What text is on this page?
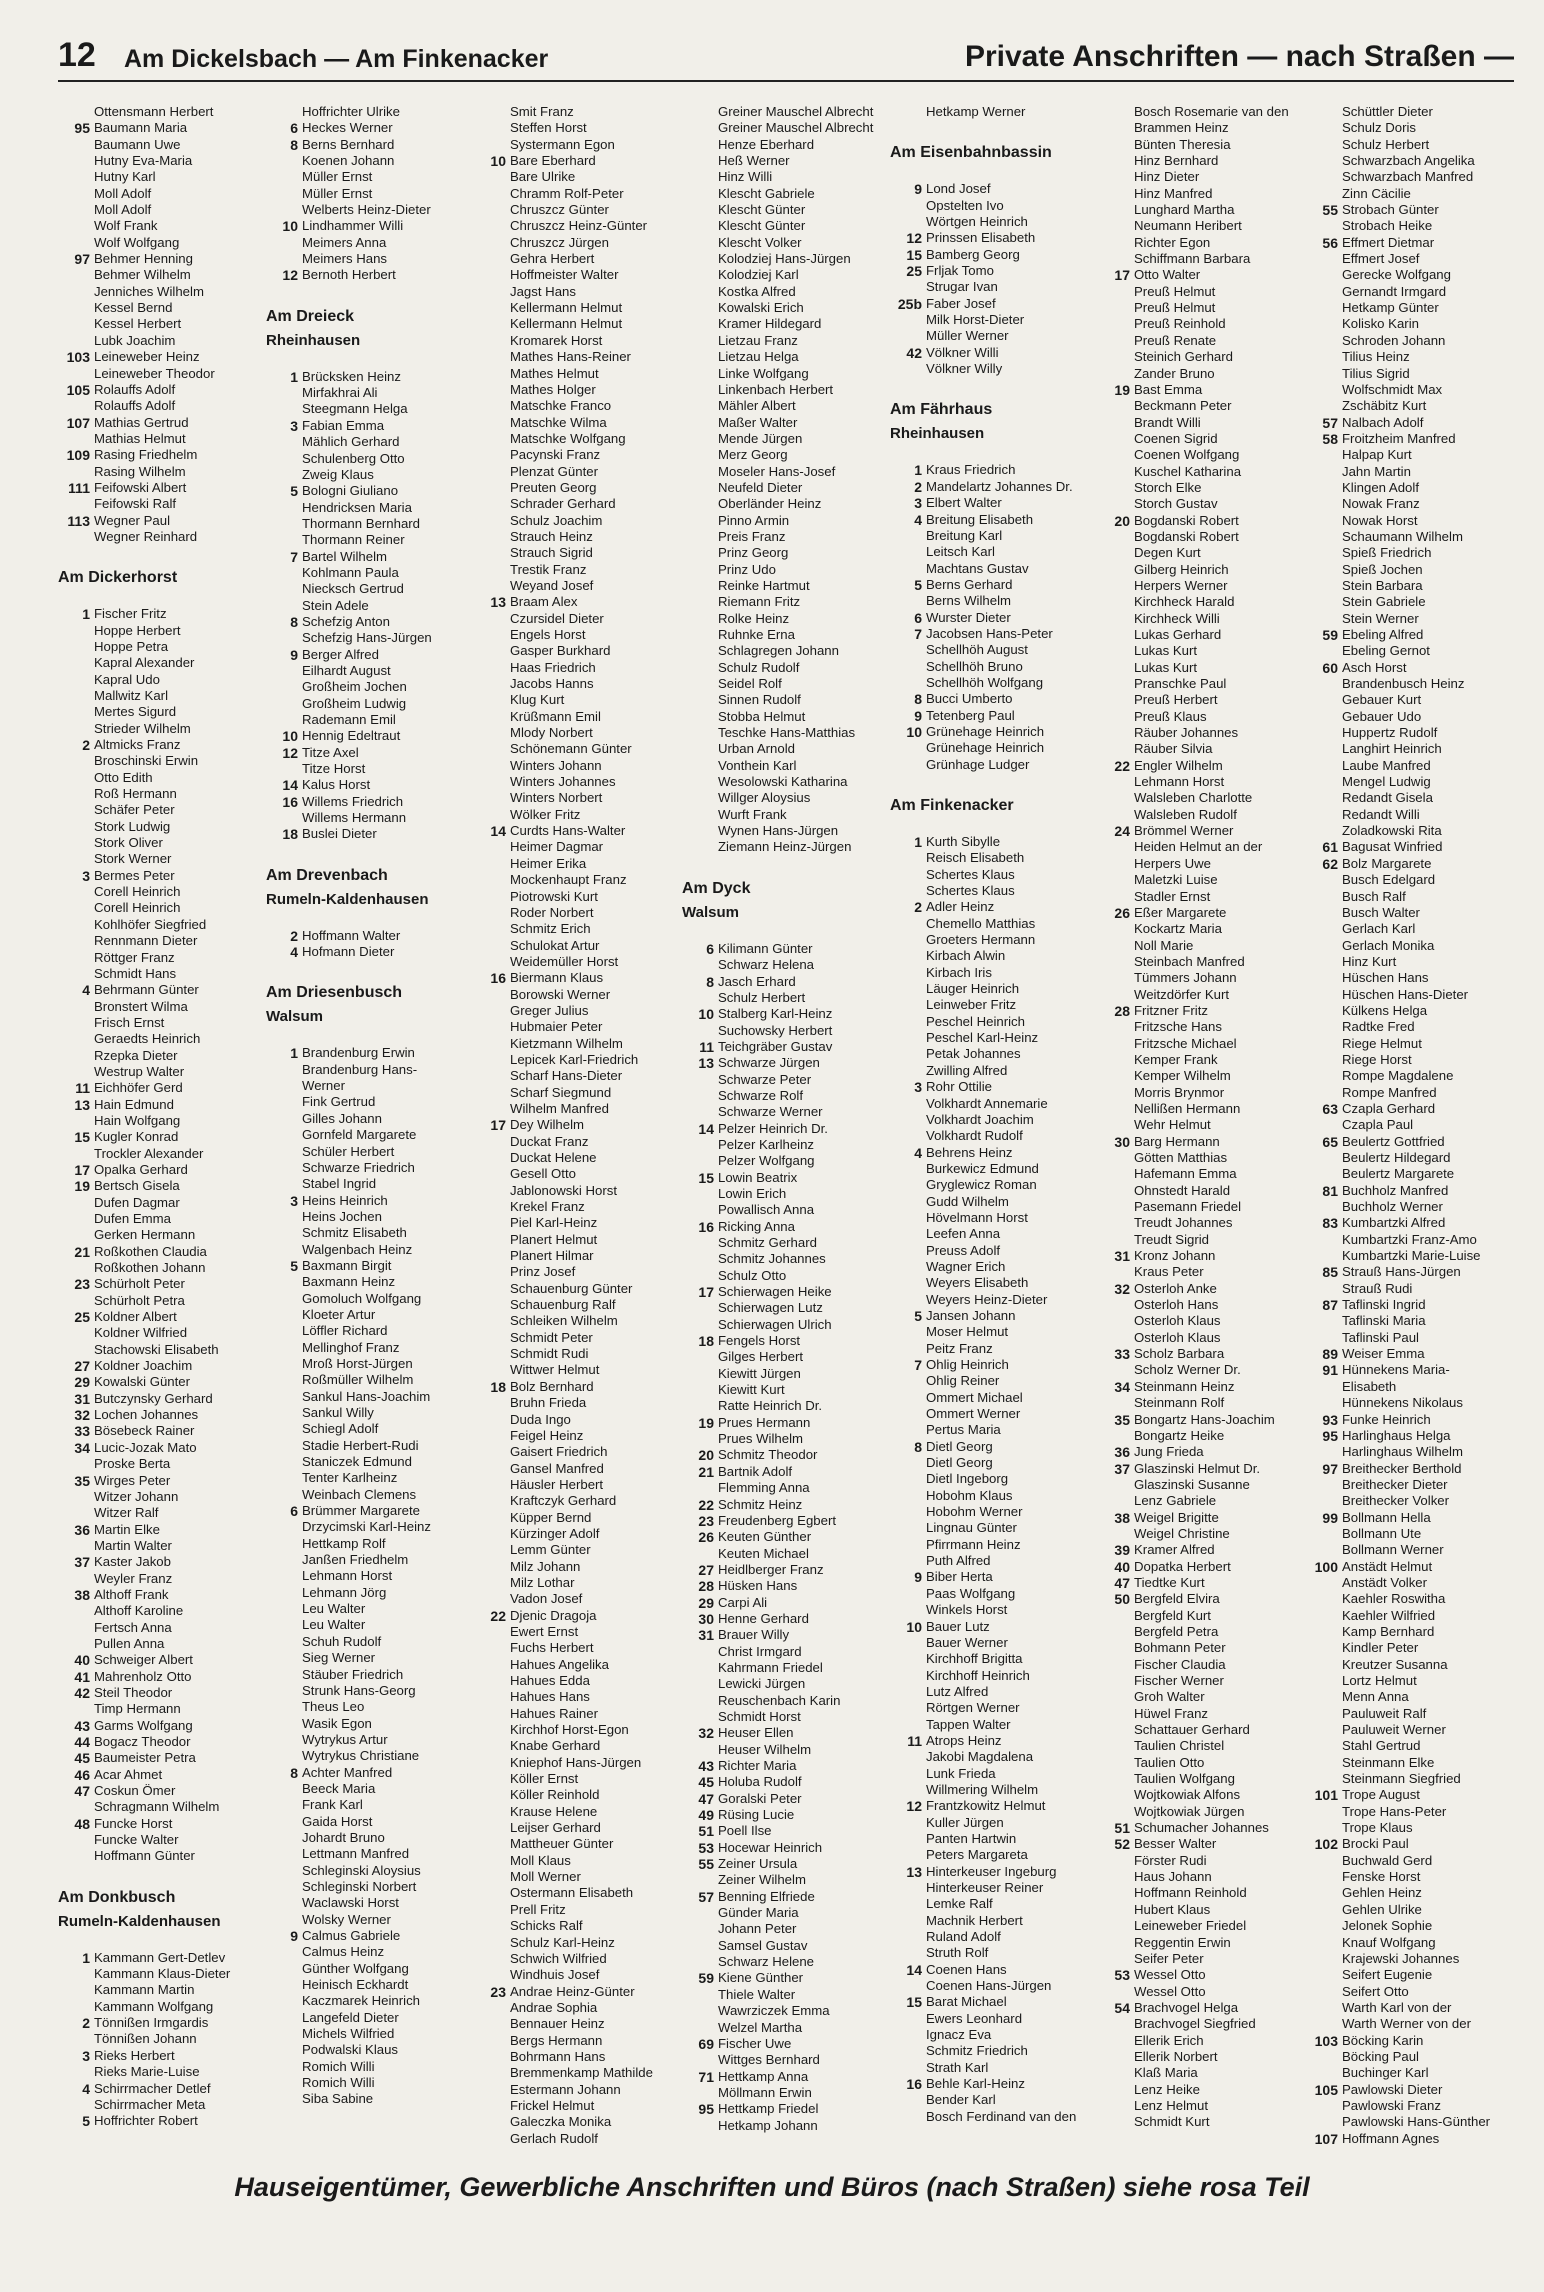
12 Am Dickelsbach — Am Finkenacker	Private Anschriften — nach Straßen —
Ottensmann Herbert
95 Baumann Maria
Baumann Uwe
Hutny Eva-Maria
Hutny Karl
Moll Adolf
Moll Adolf
Wolf Frank
Wolf Wolfgang
97 Behmer Henning
Behmer Wilhelm
Jenniches Wilhelm
Kessel Bernd
Kessel Herbert
Lubk Joachim
103 Leineweber Heinz
Leineweber Theodor
105 Rolauffs Adolf
Rolauffs Adolf
107 Mathias Gertrud
Mathias Helmut
109 Rasing Friedhelm
Rasing Wilhelm
111 Feifowski Albert
Feifowski Ralf
113 Wegner Paul
Wegner Reinhard
Am Dickerhorst
1 Fischer Fritz
Hoppe Herbert
Hoppe Petra
Kapral Alexander
Kapral Udo
Mallwitz Karl
Mertes Sigurd
Strieder Wilhelm
2 Altmicks Franz
Broschinski Erwin
Otto Edith
Roß Hermann
Schäfer Peter
Stork Ludwig
Stork Oliver
Stork Werner
3 Bermes Peter
Corell Heinrich
Corell Heinrich
Kohlhöfer Siegfried
Rennmann Dieter
Röttger Franz
Schmidt Hans
4 Behrmann Günter
Bronstert Wilma
Frisch Ernst
Geraedts Heinrich
Rzepka Dieter
Westrup Walter
11 Eichhöfer Gerd
13 Hain Edmund
Hain Wolfgang
15 Kugler Konrad
Trockler Alexander
17 Opalka Gerhard
19 Bertsch Gisela
Dufen Dagmar
Dufen Emma
Gerken Hermann
21 Roßkothen Claudia
Roßkothen Johann
23 Schürholt Peter
Schürholt Petra
25 Koldner Albert
Koldner Wilfried
Stachowski Elisabeth
27 Koldner Joachim
29 Kowalski Günter
31 Butczynsky Gerhard
32 Lochen Johannes
33 Bösebeck Rainer
34 Lucic-Jozak Mato
Proske Berta
35 Wirges Peter
Witzer Johann
Witzer Ralf
36 Martin Elke
Martin Walter
37 Kaster Jakob
Weyler Franz
38 Althoff Frank
Althoff Karoline
Fertsch Anna
Pullen Anna
40 Schweiger Albert
41 Mahrenholz Otto
42 Steil Theodor
Timp Hermann
43 Garms Wolfgang
44 Bogacz Theodor
45 Baumeister Petra
46 Acar Ahmet
47 Coskun Ömer
Schragmann Wilhelm
48 Funcke Horst
Funcke Walter
Hoffmann Günter
Am Donkbusch
Rumeln-Kaldenhausen
1 Kammann Gert-Detlev
Kammann Klaus-Dieter
Kammann Martin
Kammann Wolfgang
2 Tönnißen Irmgardis
Tönnißen Johann
3 Rieks Herbert
Rieks Marie-Luise
4 Schirrmacher Detlef
Schirrmacher Meta
5 Hoffrichter Robert
Hoffrichter Ulrike
6 Heckes Werner
8 Berns Bernhard
Koenen Johann
Müller Ernst
Müller Ernst
Welberts Heinz-Dieter
10 Lindhammer Willi
Meimers Anna
Meimers Hans
12 Bernoth Herbert
Am Dreieck
Rheinhausen
1 Brücksken Heinz
Mirfakhrai Ali
Steegmann Helga
3 Fabian Emma
Mählich Gerhard
Schulenberg Otto
Zweig Klaus
5 Bologni Giuliano
Hendricksen Maria
Thormann Bernhard
Thormann Reiner
7 Bartel Wilhelm
Kohlmann Paula
Niecksch Gertrud
Stein Adele
8 Schefzig Anton
Schefzig Hans-Jürgen
9 Berger Alfred
Eilhardt August
Großheim Jochen
Großheim Ludwig
Rademann Emil
10 Hennig Edeltraut
12 Titze Axel
Titze Horst
14 Kalus Horst
16 Willems Friedrich
Willems Hermann
18 Buslei Dieter
Am Drevenbach
Rumeln-Kaldenhausen
2 Hoffmann Walter
4 Hofmann Dieter
Am Driesenbusch
Walsum
1 Brandenburg Erwin
Brandenburg Hans-
Werner
Fink Gertrud
Gilles Johann
Gornfeld Margarete
Schüler Herbert
Schwarze Friedrich
Stabel Ingrid
3 Heins Heinrich
Heins Jochen
Schmitz Elisabeth
Walgenbach Heinz
5 Baxmann Birgit
Baxmann Heinz
Gomoluch Wolfgang
Kloeter Artur
Löffler Richard
Mellinghof Franz
Mroß Horst-Jürgen
Roßmüller Wilhelm
Sankul Hans-Joachim
Sankul Willy
Schiegl Adolf
Stadie Herbert-Rudi
Staniczek Edmund
Tenter Karlheinz
Weinbach Clemens
6 Brümmer Margarete
Drzycimski Karl-Heinz
Hettkamp Rolf
Janßen Friedhelm
Lehmann Horst
Lehmann Jörg
Leu Walter
Leu Walter
Schuh Rudolf
Sieg Werner
Stäuber Friedrich
Strunk Hans-Georg
Theus Leo
Wasik Egon
Wytrykus Artur
Wytrykus Christiane
8 Achter Manfred
Beeck Maria
Frank Karl
Gaida Horst
Johardt Bruno
Lettmann Manfred
Schleginski Aloysius
Schleginski Norbert
Waclawski Horst
Wolsky Werner
9 Calmus Gabriele
Calmus Heinz
Günther Wolfgang
Heinisch Eckhardt
Kaczmarek Heinrich
Langefeld Dieter
Michels Wilfried
Podwalski Klaus
Romich Willi
Romich Willi
Siba Sabine
Smit Franz
Steffen Horst
Systermann Egon
10 Bare Eberhard
Bare Ulrike
Chramm Rolf-Peter
Chruszcz Günter
Chruszcz Heinz-Günter
Chruszcz Jürgen
Gehra Herbert
Hoffmeister Walter
Jagst Hans
Kellermann Helmut
Kellermann Helmut
Kromarek Horst
Mathes Hans-Reiner
Mathes Helmut
Mathes Holger
Matschke Franco
Matschke Wilma
Matschke Wolfgang
Pacynski Franz
Plenzat Günter
Preuten Georg
Schrader Gerhard
Schulz Joachim
Strauch Heinz
Strauch Sigrid
Trestik Franz
Weyand Josef
13 Braam Alex
Czursidel Dieter
Engels Horst
Gasper Burkhard
Haas Friedrich
Jacobs Hanns
Klug Kurt
Krüßmann Emil
Mlody Norbert
Schönemann Günter
Winters Johann
Winters Johannes
Winters Norbert
Wölker Fritz
14 Curdts Hans-Walter
Heimer Dagmar
Heimer Erika
Mockenhaupt Franz
Piotrowski Kurt
Roder Norbert
Schmitz Erich
Schulokat Artur
Weidemüller Horst
16 Biermann Klaus
Borowski Werner
Greger Julius
Hubmaier Peter
Kietzmann Wilhelm
Lepicek Karl-Friedrich
Scharf Hans-Dieter
Scharf Siegmund
Wilhelm Manfred
17 Dey Wilhelm
Duckat Franz
Duckat Helene
Gesell Otto
Jablonowski Horst
Krekel Franz
Piel Karl-Heinz
Planert Helmut
Planert Hilmar
Prinz Josef
Schauenburg Günter
Schauenburg Ralf
Schleiken Wilhelm
Schmidt Peter
Schmidt Rudi
Wittwer Helmut
18 Bolz Bernhard
Bruhn Frieda
Duda Ingo
Feigel Heinz
Gaisert Friedrich
Gansel Manfred
Häusler Herbert
Kraftczyk Gerhard
Küpper Bernd
Kürzinger Adolf
Lemm Günter
Milz Johann
Milz Lothar
Vadon Josef
22 Djenic Dragoja
Ewert Ernst
Fuchs Herbert
Hahues Angelika
Hahues Edda
Hahues Hans
Hahues Rainer
Kirchhof Horst-Egon
Knabe Gerhard
Kniephof Hans-Jürgen
Köller Ernst
Köller Reinhold
Krause Helene
Leijser Gerhard
Mattheuer Günter
Moll Klaus
Moll Werner
Ostermann Elisabeth
Prell Fritz
Schicks Ralf
Schulz Karl-Heinz
Schwich Wilfried
Windhuis Josef
23 Andrae Heinz-Günter
Andrae Sophia
Bennauer Heinz
Bergs Hermann
Bohrmann Hans
Bremmenkamp Mathilde
Estermann Johann
Frickel Helmut
Galeczka Monika
Gerlach Rudolf
Greiner Mauschel Albrecht
Greiner Mauschel Albrecht
Henze Eberhard
Heß Werner
Hinz Willi
Klescht Gabriele
Klescht Günter
Klescht Günter
Klescht Volker
Kolodziej Hans-Jürgen
Kolodziej Karl
Kostka Alfred
Kowalski Erich
Kramer Hildegard
Lietzau Franz
Lietzau Helga
Linke Wolfgang
Linkenbach Herbert
Mähler Albert
Maßer Walter
Mende Jürgen
Merz Georg
Moseler Hans-Josef
Neufeld Dieter
Oberländer Heinz
Pinno Armin
Preis Franz
Prinz Georg
Prinz Udo
Reinke Hartmut
Riemann Fritz
Rolke Heinz
Ruhnke Erna
Schlagregen Johann
Schulz Rudolf
Seidel Rolf
Sinnen Rudolf
Stobba Helmut
Teschke Hans-Matthias
Urban Arnold
Vonthein Karl
Wesolowski Katharina
Willger Aloysius
Wurft Frank
Wynen Hans-Jürgen
Ziemann Heinz-Jürgen
Am Dyck
Walsum
6 Kilimann Günter
Schwarz Helena
8 Jasch Erhard
Schulz Herbert
10 Stalberg Karl-Heinz
Suchowsky Herbert
11 Teichgräber Gustav
13 Schwarze Jürgen
Schwarze Peter
Schwarze Rolf
Schwarze Werner
14 Pelzer Heinrich Dr.
Pelzer Karlheinz
Pelzer Wolfgang
15 Lowin Beatrix
Lowin Erich
Powallisch Anna
16 Ricking Anna
Schmitz Gerhard
Schmitz Johannes
Schulz Otto
17 Schierwagen Heike
Schierwagen Lutz
Schierwagen Ulrich
18 Fengels Horst
Gilges Herbert
Kiewitt Jürgen
Kiewitt Kurt
Ratte Heinrich Dr.
19 Prues Hermann
Prues Wilhelm
20 Schmitz Theodor
21 Bartnik Adolf
Flemming Anna
22 Schmitz Heinz
23 Freudenberg Egbert
26 Keuten Günther
Keuten Michael
27 Heidlberger Franz
28 Hüsken Hans
29 Carpi Ali
30 Henne Gerhard
31 Brauer Willy
Christ Irmgard
Kahrmann Friedel
Lewicki Jürgen
Reuschenbach Karin
Schmidt Horst
32 Heuser Ellen
Heuser Wilhelm
43 Richter Maria
45 Holuba Rudolf
47 Goralski Peter
49 Rüsing Lucie
51 Poell Ilse
53 Hocewar Heinrich
55 Zeiner Ursula
Zeiner Wilhelm
57 Benning Elfriede
Günder Maria
Johann Peter
Samsel Gustav
Schwarz Helene
59 Kiene Günther
Thiele Walter
Wawrziczek Emma
Welzel Martha
69 Fischer Uwe
Wittges Bernhard
71 Hettkamp Anna
Möllmann Erwin
95 Hettkamp Friedel
Hetkamp Johann
Hetkamp Werner
Am Eisenbahnbassin
9 Lond Josef
Opstelten Ivo
Wörtgen Heinrich
12 Prinssen Elisabeth
15 Bamberg Georg
25 Frljak Tomo
Strugar Ivan
25b Faber Josef
Milk Horst-Dieter
Müller Werner
42 Völkner Willi
Völkner Willy
Am Fährhaus
Rheinhausen
1 Kraus Friedrich
2 Mandelartz Johannes Dr.
3 Elbert Walter
4 Breitung Elisabeth
Breitung Karl
Leitsch Karl
Machtans Gustav
5 Berns Gerhard
Berns Wilhelm
6 Wurster Dieter
7 Jacobsen Hans-Peter
Schellhöh August
Schellhöh Bruno
Schellhöh Wolfgang
8 Bucci Umberto
9 Tetenberg Paul
10 Grünehage Heinrich
Grünehage Heinrich
Grünhage Ludger
Am Finkenacker
1 Kurth Sibylle
Reisch Elisabeth
Schertes Klaus
Schertes Klaus
2 Adler Heinz
Chemello Matthias
Groeters Hermann
Kirbach Alwin
Kirbach Iris
Läuger Heinrich
Leinweber Fritz
Peschel Heinrich
Peschel Karl-Heinz
Petak Johannes
Zwilling Alfred
3 Rohr Ottilie
Volkhardt Annemarie
Volkhardt Joachim
Volkhardt Rudolf
4 Behrens Heinz
Burkewicz Edmund
Gryglewicz Roman
Gudd Wilhelm
Hövelmann Horst
Leefen Anna
Preuss Adolf
Wagner Erich
Weyers Elisabeth
Weyers Heinz-Dieter
5 Jansen Johann
Moser Helmut
Peitz Franz
7 Ohlig Heinrich
Ohlig Reiner
Ommert Michael
Ommert Werner
Pertus Maria
8 Dietl Georg
Dietl Georg
Dietl Ingeborg
Hobohm Klaus
Hobohm Werner
Lingnau Günter
Pfirrmann Heinz
Puth Alfred
9 Biber Herta
Paas Wolfgang
Winkels Horst
10 Bauer Lutz
Bauer Werner
Kirchhoff Brigitta
Kirchhoff Heinrich
Lutz Alfred
Rörtgen Werner
Tappen Walter
11 Atrops Heinz
Jakobi Magdalena
Lunk Frieda
Willmering Wilhelm
12 Frantzkowitz Helmut
Kuller Jürgen
Panten Hartwin
Peters Margareta
13 Hinterkeuser Ingeburg
Hinterkeuser Reiner
Lemke Ralf
Machnik Herbert
Ruland Adolf
Struth Rolf
14 Coenen Hans
Coenen Hans-Jürgen
15 Barat Michael
Ewers Leonhard
Ignacz Eva
Schmitz Friedrich
Strath Karl
16 Behle Karl-Heinz
Bender Karl
Bosch Ferdinand van den
Bosch Rosemarie van den
Brammen Heinz
Bünten Theresia
Hinz Bernhard
Hinz Dieter
Hinz Manfred
Lunghard Martha
Neumann Heribert
Richter Egon
Schiffmann Barbara
17 Otto Walter
Preuß Helmut
Preuß Helmut
Preuß Reinhold
Preuß Renate
Steinich Gerhard
Zander Bruno
19 Bast Emma
Beckmann Peter
Brandt Willi
Coenen Sigrid
Coenen Wolfgang
Kuschel Katharina
Storch Elke
Storch Gustav
20 Bogdanski Robert
Bogdanski Robert
Degen Kurt
Gilberg Heinrich
Herpers Werner
Kirchheck Harald
Kirchheck Willi
Lukas Gerhard
Lukas Kurt
Lukas Kurt
Pranschke Paul
Preuß Herbert
Preuß Klaus
Räuber Johannes
Räuber Silvia
22 Engler Wilhelm
Lehmann Horst
Walsleben Charlotte
Walsleben Rudolf
24 Brömmel Werner
Heiden Helmut an der
Herpers Uwe
Maletzki Luise
Stadler Ernst
26 Eßer Margarete
Kockartz Maria
Noll Marie
Steinbach Manfred
Tümmers Johann
Weitzdörfer Kurt
28 Fritzner Fritz
Fritzsche Hans
Fritzsche Michael
Kemper Frank
Kemper Wilhelm
Morris Brynmor
Nellißen Hermann
Wehr Helmut
30 Barg Hermann
Götten Matthias
Hafemann Emma
Ohnstedt Harald
Pasemann Friedel
Treudt Johannes
Treudt Sigrid
31 Kronz Johann
Kraus Peter
32 Osterloh Anke
Osterloh Hans
Osterloh Klaus
Osterloh Klaus
33 Scholz Barbara
Scholz Werner Dr.
34 Steinmann Heinz
Steinmann Rolf
35 Bongartz Hans-Joachim
Bongartz Heike
36 Jung Frieda
37 Glaszinski Helmut Dr.
Glaszinski Susanne
Lenz Gabriele
38 Weigel Brigitte
Weigel Christine
39 Kramer Alfred
40 Dopatka Herbert
47 Tiedtke Kurt
50 Bergfeld Elvira
Bergfeld Kurt
Bergfeld Petra
Bohmann Peter
Fischer Claudia
Fischer Werner
Groh Walter
Hüwel Franz
Schattauer Gerhard
Taulien Christel
Taulien Otto
Taulien Wolfgang
Wojtkowiak Alfons
Wojtkowiak Jürgen
51 Schumacher Johannes
52 Besser Walter
Förster Rudi
Haus Johann
Hoffmann Reinhold
Hubert Klaus
Leineweber Friedel
Reggentin Erwin
Seifer Peter
53 Wessel Otto
Wessel Otto
54 Brachvogel Helga
Brachvogel Siegfried
Ellerik Erich
Ellerik Norbert
Klaß Maria
Lenz Heike
Lenz Helmut
Schmidt Kurt
Schüttler Dieter
Schulz Doris
Schulz Herbert
Schwarzbach Angelika
Schwarzbach Manfred
Zinn Cäcilie
55 Strobach Günter
Strobach Heike
56 Effmert Dietmar
Effmert Josef
Gerecke Wolfgang
Gernandt Irmgard
Hetkamp Günter
Kolisko Karin
Schroden Johann
Tilius Heinz
Tilius Sigrid
Wolfschmidt Max
Zschäbitz Kurt
57 Nalbach Adolf
58 Froitzheim Manfred
Halpap Kurt
Jahn Martin
Klingen Adolf
Nowak Franz
Nowak Horst
Schaumann Wilhelm
Spieß Friedrich
Spieß Jochen
Stein Barbara
Stein Gabriele
Stein Werner
59 Ebeling Alfred
Ebeling Gernot
60 Asch Horst
Brandenbusch Heinz
Gebauer Kurt
Gebauer Udo
Huppertz Rudolf
Langhirt Heinrich
Laube Manfred
Mengel Ludwig
Redandt Gisela
Redandt Willi
Zoladkowski Rita
61 Bagusat Winfried
62 Bolz Margarete
Busch Edelgard
Busch Ralf
Busch Walter
Gerlach Karl
Gerlach Monika
Hinz Kurt
Hüschen Hans
Hüschen Hans-Dieter
Külkens Helga
Radtke Fred
Riege Helmut
Riege Horst
Rompe Magdalene
Rompe Manfred
63 Czapla Gerhard
Czapla Paul
65 Beulertz Gottfried
Beulertz Hildegard
Beulertz Margarete
81 Buchholz Manfred
Buchholz Werner
83 Kumbartzki Alfred
Kumbartzki Franz-Amo
Kumbartzki Marie-Luise
85 Strauß Hans-Jürgen
Strauß Rudi
87 Taflinski Ingrid
Taflinski Maria
Taflinski Paul
89 Weiser Emma
91 Hünnekens Maria-
Elisabeth
Hünnekens Nikolaus
93 Funke Heinrich
95 Harlinghaus Helga
Harlinghaus Wilhelm
97 Breithecker Berthold
Breithecker Dieter
Breithecker Volker
99 Bollmann Hella
Bollmann Ute
Bollmann Werner
100 Anstädt Helmut
Anstädt Volker
Kaehler Roswitha
Kaehler Wilfried
Kamp Bernhard
Kindler Peter
Kreutzer Susanna
Lortz Helmut
Menn Anna
Pauluweit Ralf
Pauluweit Werner
Stahl Gertrud
Steinmann Elke
Steinmann Siegfried
101 Trope August
Trope Hans-Peter
Trope Klaus
102 Brocki Paul
Buchwald Gerd
Fenske Horst
Gehlen Heinz
Gehlen Ulrike
Jelonek Sophie
Knauf Wolfgang
Krajewski Johannes
Seifert Eugenie
Seifert Otto
Warth Karl von der
Warth Werner von der
103 Böcking Karin
Böcking Paul
Buchinger Karl
105 Pawlowski Dieter
Pawlowski Franz
Pawlowski Hans-Günther
107 Hoffmann Agnes
Hauseigentümer, Gewerbliche Anschriften und Büros (nach Straßen) siehe rosa Teil
